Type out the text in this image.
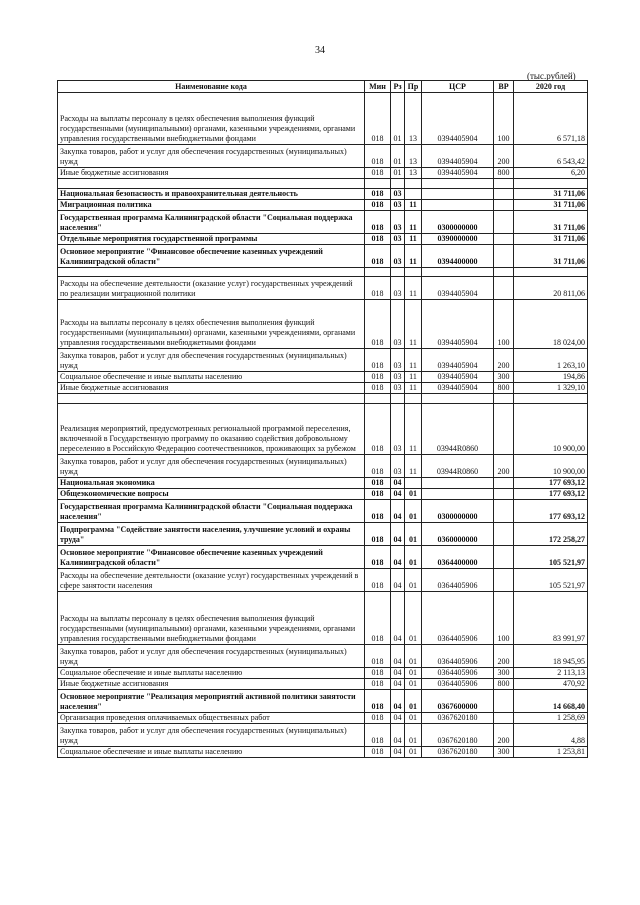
34
(тыс.рублей)
Наименование кода	Мин	Рз	Пр	ЦСР	ВР	2020 год
Расходы на выплаты персоналу в целях обеспечения выполнения функций государственными (муниципальными) органами, казенными учреждениями, органами управления государственными внебюджетными фондами	018	01	13	0394405904	100	6 571,18
Закупка товаров, работ и услуг для обеспечения государственных (муниципальных) нужд	018	01	13	0394405904	200	6 543,42
Иные бюджетные ассигнования	018	01	13	0394405904	800	6,20

Национальная безопасность и правоохранительная деятельность	018	03				31 711,06
Миграционная политика	018	03	11			31 711,06
Государственная программа Калининградской области "Социальная поддержка населения"	018	03	11	0300000000		31 711,06
Отдельные мероприятия государственной программы	018	03	11	0390000000		31 711,06
Основное мероприятие "Финансовое обеспечение казенных учреждений Калининградской области"	018	03	11	0394400000		31 711,06

Расходы на обеспечение деятельности (оказание услуг) государственных учреждений по реализации миграционной политики	018	03	11	0394405904		20 811,06
Расходы на выплаты персоналу в целях обеспечения выполнения функций государственными (муниципальными) органами, казенными учреждениями, органами управления государственными внебюджетными фондами	018	03	11	0394405904	100	18 024,00
Закупка товаров, работ и услуг для обеспечения государственных (муниципальных) нужд	018	03	11	0394405904	200	1 263,10
Социальное обеспечение и иные выплаты населению	018	03	11	0394405904	300	194,86
Иные бюджетные ассигнования	018	03	11	0394405904	800	1 329,10

Реализация мероприятий, предусмотренных региональной программой переселения, включенной в Государственную программу по оказанию содействия добровольному переселению в Российскую Федерацию соотечественников, проживающих за рубежом	018	03	11	03944R0860		10 900,00
Закупка товаров, работ и услуг для обеспечения государственных (муниципальных) нужд	018	03	11	03944R0860	200	10 900,00
Национальная экономика	018	04				177 693,12
Общеэкономические вопросы	018	04	01			177 693,12
Государственная программа Калининградской области "Социальная поддержка населения"	018	04	01	0300000000		177 693,12
Подпрограмма "Содействие занятости населения, улучшение условий и охраны труда"	018	04	01	0360000000		172 258,27
Основное мероприятие "Финансовое обеспечение казенных учреждений Калининградской области"	018	04	01	0364400000		105 521,97
Расходы на обеспечение деятельности (оказание услуг) государственных учреждений в сфере занятости населения	018	04	01	0364405906		105 521,97
Расходы на выплаты персоналу в целях обеспечения выполнения функций государственными (муниципальными) органами, казенными учреждениями, органами управления государственными внебюджетными фондами	018	04	01	0364405906	100	83 991,97
Закупка товаров, работ и услуг для обеспечения государственных (муниципальных) нужд	018	04	01	0364405906	200	18 945,95
Социальное обеспечение и иные выплаты населению	018	04	01	0364405906	300	2 113,13
Иные бюджетные ассигнования	018	04	01	0364405906	800	470,92
Основное мероприятие "Реализация мероприятий активной политики занятости населения"	018	04	01	0367600000		14 668,40
Организация проведения оплачиваемых общественных работ	018	04	01	0367620180		1 258,69
Закупка товаров, работ и услуг для обеспечения государственных (муниципальных) нужд	018	04	01	0367620180	200	4,88
Социальное обеспечение и иные выплаты населению	018	04	01	0367620180	300	1 253,81
